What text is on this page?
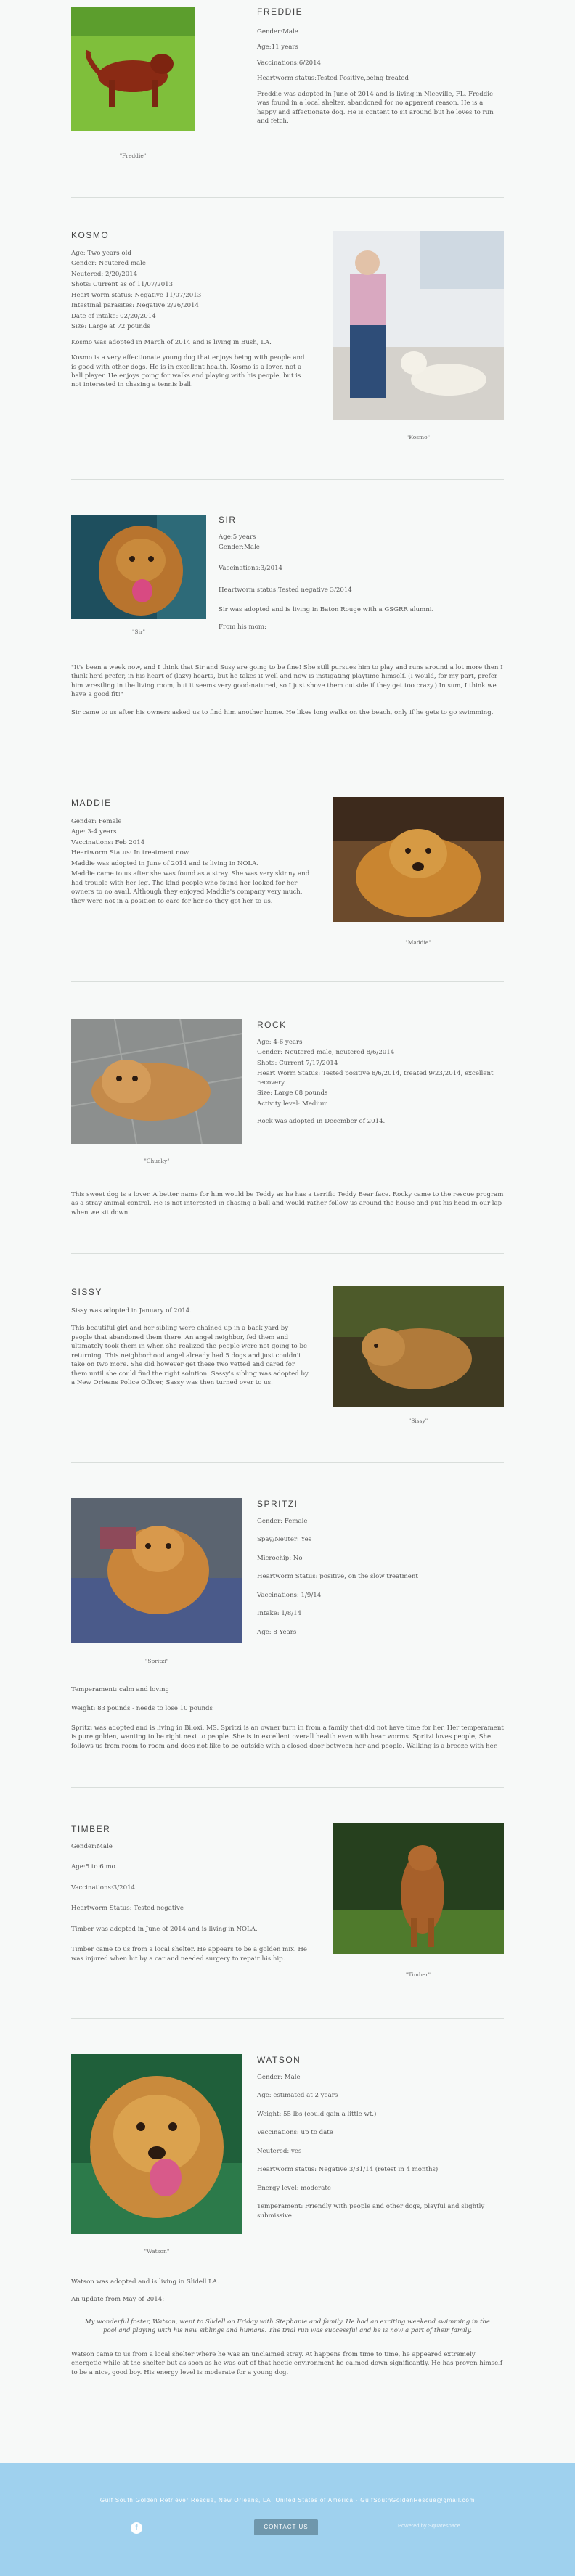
"Freddie"
FREDDIE

Gender:Male

Age:11 years

Vaccinations:6/2014

Heartworm status:Tested Positive,being treated

Freddie was adopted in June of 2014 and is living in Niceville, FL. Freddie was found in a local shelter, abandoned for no apparent reason. He is a happy and affectionate dog. He is content to sit around but he loves to run and fetch.

KOSMO

Age: Two years old

Gender: Neutered male

Neutered: 2/20/2014

Shots: Current as of 11/07/2013

Heart worm status: Negative 11/07/2013

Intestinal parasites: Negative 2/26/2014

Date of intake: 02/20/2014

Size: Large at 72 pounds

Kosmo was adopted in March of 2014 and is living in Bush, LA.

Kosmo is a very affectionate young dog that enjoys being with people and is good with other dogs. He is in excellent health. Kosmo is a lover, not a ball player. He enjoys going for walks and playing with his people, but is not interested in chasing a tennis ball.

"Kosmo"
"Sir"
SIR

Age:5 years

Gender:Male

Vaccinations:3/2014

Heartworm status:Tested negative 3/2014

Sir was adopted and is living in Baton Rouge with a GSGRR alumni.

From his mom:

"It's been a week now, and I think that Sir and Susy are going to be fine! She still pursues him to play and runs around a lot more then I think he'd prefer, in his heart of (lazy) hearts, but he takes it well and now is instigating playtime himself. (I would, for my part, prefer him wrestling in the living room, but it seems very good-natured, so I just shove them outside if they get too crazy.) In sum, I think we have a good fit!"

Sir came to us after his owners asked us to find him another home. He likes long walks on the beach, only if he gets to go swimming.

MADDIE

Gender: Female

Age: 3-4 years

Vaccinations: Feb 2014

Heartworm Status: In treatment now

Maddie was adopted in June of 2014 and is living in NOLA.

Maddie came to us after she was found as a stray. She was very skinny and had trouble with her leg. The kind people who found her looked for her owners to no avail. Although they enjoyed Maddie's company very much, they were not in a position to care for her so they got her to us.

"Maddie"
"Chucky"
ROCK

Age: 4-6 years

Gender: Neutered male, neutered 8/6/2014

Shots: Current 7/17/2014

Heart Worm Status: Tested positive 8/6/2014, treated 9/23/2014, excellent recovery

Size: Large 68 pounds

Activity level: Medium

Rock was adopted in December of 2014.

This sweet dog is a lover. A better name for him would be Teddy as he has a terrific Teddy Bear face. Rocky came to the rescue program as a stray animal control. He is not interested in chasing a ball and would rather follow us around the house and put his head in our lap when we sit down.

SISSY

Sissy was adopted in January of 2014.

This beautiful girl and her sibling were chained up in a back yard by people that abandoned them there. An angel neighbor, fed them and ultimately took them in when she realized the people were not going to be returning. This neighborhood angel already had 5 dogs and just couldn't take on two more. She did however get these two vetted and cared for them until she could find the right solution. Sassy's sibling was adopted by a New Orleans Police Officer, Sassy was then turned over to us.

"Sissy"
"Spritzi"
SPRITZI

Gender: Female

Spay/Neuter: Yes

Microchip: No

Heartworm Status: positive, on the slow treatment

Vaccinations: 1/9/14

Intake: 1/8/14

Age: 8 Years

Temperament: calm and loving

Weight: 83 pounds - needs to lose 10 pounds

Spritzi was adopted and is living in Biloxi, MS. Spritzi is an owner turn in from a family that did not have time for her. Her temperament is pure golden, wanting to be right next to people. She is in excellent overall health even with heartworms. Spritzi loves people, She follows us from room to room and does not like to be outside with a closed door between her and people. Walking is a breeze with her.

TIMBER

Gender:Male

Age:5 to 6 mo.

Vaccinations:3/2014

Heartworm Status: Tested negative

Timber was adopted in June of 2014 and is living in NOLA.

Timber came to us from a local shelter. He appears to be a golden mix. He was injured when hit by a car and needed surgery to repair his hip.

"Timber"
"Watson"
WATSON

Gender: Male

Age: estimated at 2 years

Weight: 55 lbs (could gain a little wt.)

Vaccinations: up to date

Neutered: yes

Heartworm status: Negative 3/31/14 (retest in 4 months)

Energy level: moderate

Temperament: Friendly with people and other dogs, playful and slightly submissive

Watson was adopted and is living in Slidell LA.

An update from May of 2014:

My wonderful foster, Watson, went to Slidell on Friday with Stephanie and family. He had an exciting weekend swimming in the pool and playing with his new siblings and humans. The trial run was successful and he is now a part of their family.

Watson came to us from a local shelter where he was an unclaimed stray. At happens from time to time, he appeared extremely energetic while at the shelter but as soon as he was out of that hectic environment he calmed down significantly. He has proven himself to be a nice, good boy. His energy level is moderate for a young dog.

Gulf South Golden Retriever Rescue, New Orleans, LA, United States of America · GulfSouthGoldenRescue@gmail.com
f	CONTACT US	Powered by Squarespace
